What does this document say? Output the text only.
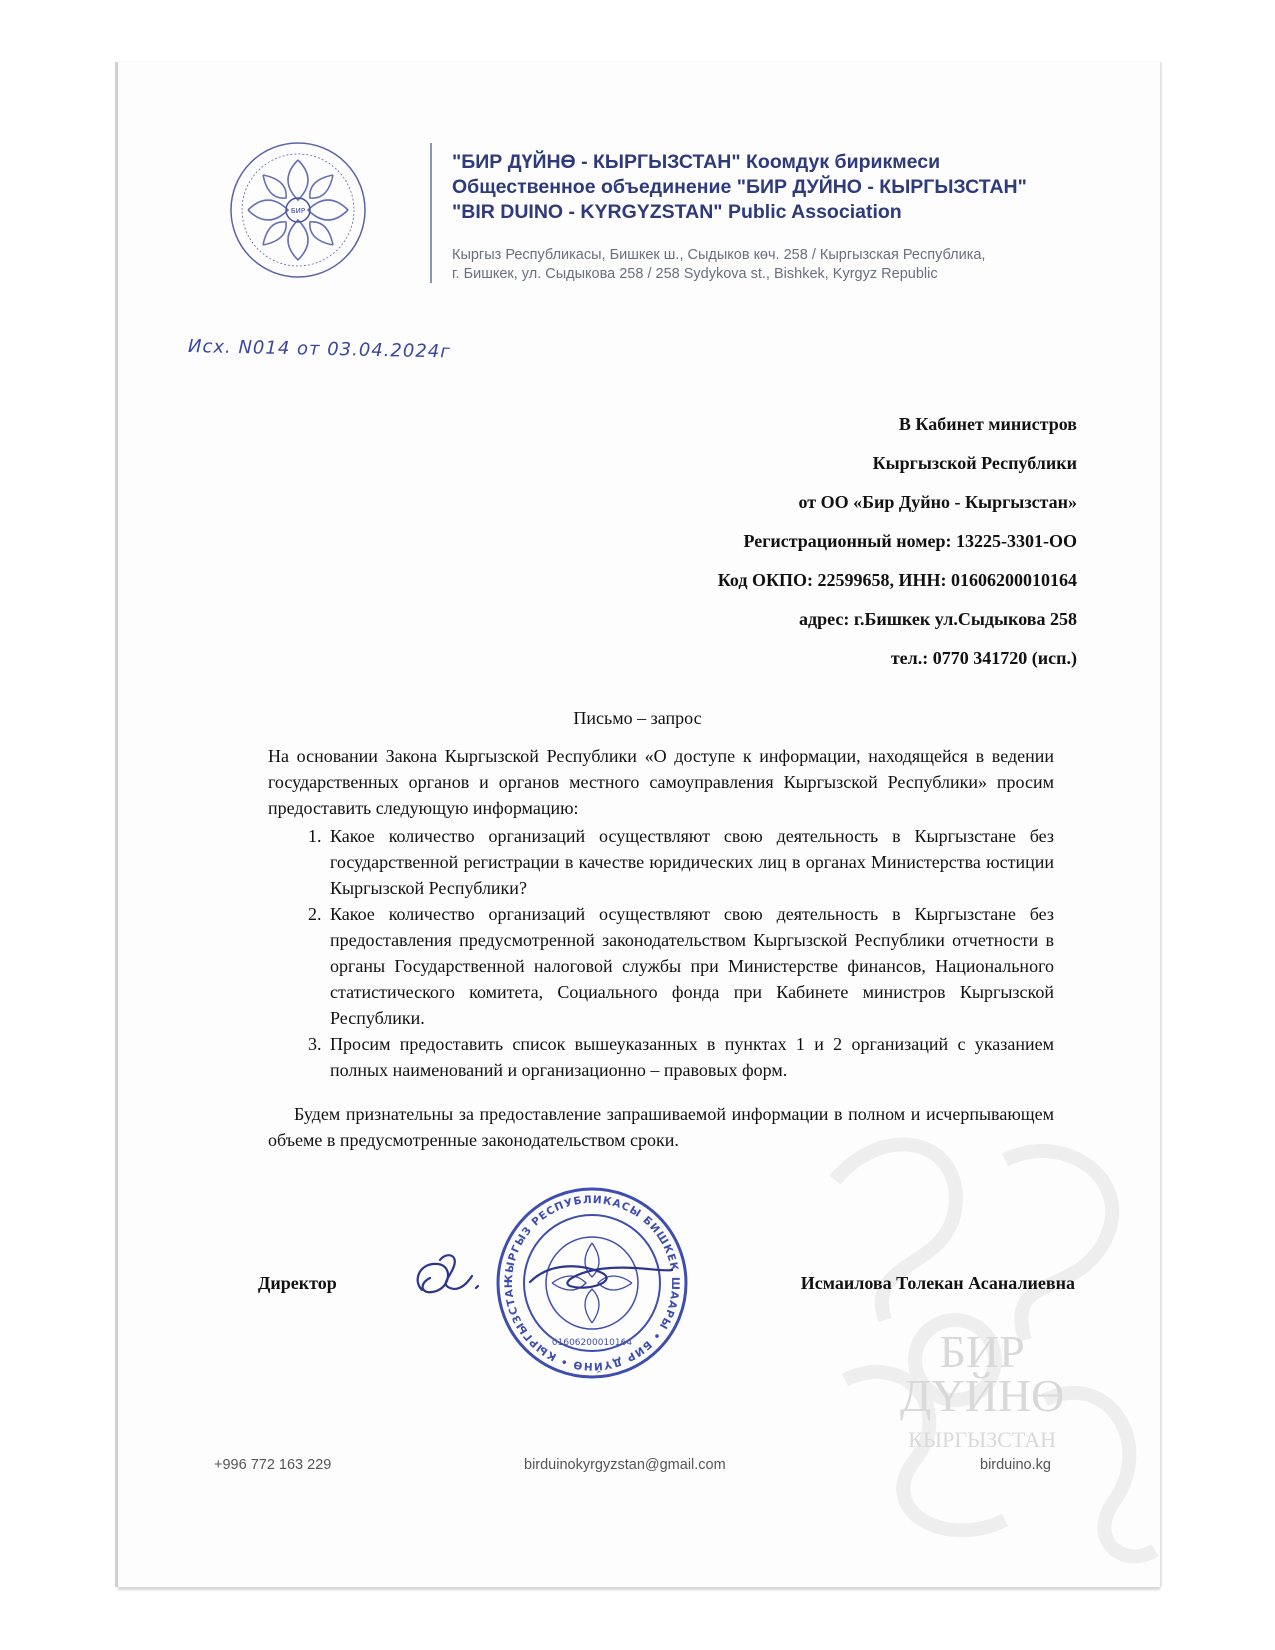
БИР
ДҮЙНӨ
КЫРГЫЗСТАН
БИР
"БИР ДҮЙНӨ - КЫРГЫЗСТАН" Коомдук бирикмеси
Общественное объединение "БИР ДУЙНО - КЫРГЫЗСТАН"
"BIR DUINO - KYRGYZSTAN" Public Association
Кыргыз Республикасы, Бишкек ш., Сыдыков көч. 258 / Кыргызская Республика,
г. Бишкек, ул. Сыдыкова 258 / 258 Sydykova st., Bishkek, Kyrgyz Republic
Исх. N014 от 03.04.2024г
В Кабинет министров
Кыргызской Республики
от ОО «Бир Дуйно - Кыргызстан»
Регистрационный номер: 13225-3301-ОО
Код ОКПО: 22599658, ИНН: 01606200010164
адрес: г.Бишкек ул.Сыдыкова 258
тел.: 0770 341720 (исп.)
Письмо – запрос

На основании Закона Кыргызской Республики «О доступе к информации, находящейся в ведении государственных органов и органов местного самоуправления Кыргызской Республики» просим предоставить следующую информацию:

1. Какое количество организаций осуществляют свою деятельность в Кыргызстане без государственной регистрации в качестве юридических лиц в органах Министерства юстиции Кыргызской Республики?
2. Какое количество организаций осуществляют свою деятельность в Кыргызстане без предоставления предусмотренной законодательством Кыргызской Республики отчетности в органы Государственной налоговой службы при Министерстве финансов, Национального статистического комитета, Социального фонда при Кабинете министров Кыргызской Республики.
3. Просим предоставить список вышеуказанных в пунктах 1 и 2 организаций с указанием полных наименований и организационно – правовых форм.

Будем признательны за предоставление запрашиваемой информации в полном и исчерпывающем объеме в предусмотренные законодательством сроки.

Директор	Исмаилова Толекан Асаналиевна
КЫРГЫЗ РЕСПУБЛИКАСЫ БИШКЕК ШААРЫ • БИР ДҮЙНӨ • КЫРГЫЗСТАН
01606200010164
+996 772 163 229	birduinokyrgyzstan@gmail.com	birduino.kg
